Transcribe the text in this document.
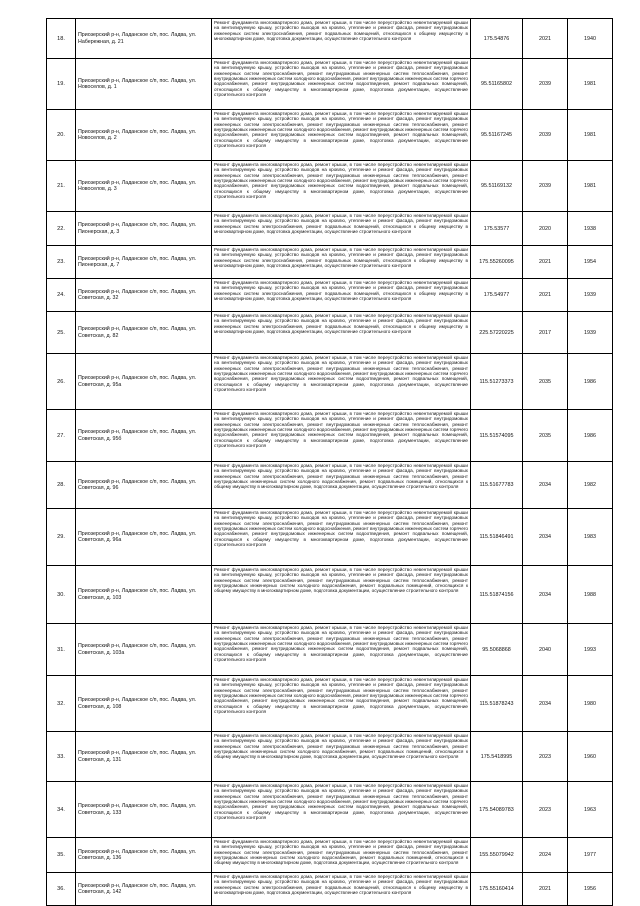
18.	Приозерский р-н, Ладанское с/п, пос. Ладва, ул. Набережная, д. 21	Ремонт фундамента многоквартирного дома, ремонт крыши, в том числе переустройство невентилируемой крыши на вентилируемую крышу, устройство выходов на кровлю, утепление и ремонт фасада, ремонт внутридомовых инженерных систем электроснабжения, ремонт подвальных помещений, относящихся к общему имуществу в многоквартирном доме, подготовка документации, осуществление строительного контроля	175.54876	2021	1940
19.	Приозерский р-н, Ладанское с/п, пос. Ладва, ул. Новоселов, д. 1	Ремонт фундамента многоквартирного дома, ремонт крыши, в том числе переустройство невентилируемой крыши на вентилируемую крышу, устройство выходов на кровлю, утепление и ремонт фасада, ремонт внутридомовых инженерных систем электроснабжения, ремонт внутридомовых инженерных систем теплоснабжения, ремонт внутридомовых инженерных систем холодного водоснабжения, ремонт внутридомовых инженерных систем горячего водоснабжения, ремонт внутридомовых инженерных систем водоотведения, ремонт подвальных помещений, относящихся к общему имуществу в многоквартирном доме, подготовка документации, осуществление строительного контроля	95.51165802	2039	1981
20.	Приозерский р-н, Ладанское с/п, пос. Ладва, ул. Новоселов, д. 2	Ремонт фундамента многоквартирного дома, ремонт крыши, в том числе переустройство невентилируемой крыши на вентилируемую крышу, устройство выходов на кровлю, утепление и ремонт фасада, ремонт внутридомовых инженерных систем электроснабжения, ремонт внутридомовых инженерных систем теплоснабжения, ремонт внутридомовых инженерных систем холодного водоснабжения, ремонт внутридомовых инженерных систем горячего водоснабжения, ремонт внутридомовых инженерных систем водоотведения, ремонт подвальных помещений, относящихся к общему имуществу в многоквартирном доме, подготовка документации, осуществление строительного контроля	95.51167245	2039	1981
21.	Приозерский р-н, Ладанское с/п, пос. Ладва, ул. Новоселов, д. 3	Ремонт фундамента многоквартирного дома, ремонт крыши, в том числе переустройство невентилируемой крыши на вентилируемую крышу, устройство выходов на кровлю, утепление и ремонт фасада, ремонт внутридомовых инженерных систем электроснабжения, ремонт внутридомовых инженерных систем теплоснабжения, ремонт внутридомовых инженерных систем холодного водоснабжения, ремонт внутридомовых инженерных систем горячего водоснабжения, ремонт внутридомовых инженерных систем водоотведения, ремонт подвальных помещений, относящихся к общему имуществу в многоквартирном доме, подготовка документации, осуществление строительного контроля	95.51169132	2039	1981
22.	Приозерский р-н, Ладанское с/п, пос. Ладва, ул. Пионерская, д. 3	Ремонт фундамента многоквартирного дома, ремонт крыши, в том числе переустройство невентилируемой крыши на вентилируемую крышу, устройство выходов на кровлю, утепление и ремонт фасада, ремонт внутридомовых инженерных систем электроснабжения, ремонт подвальных помещений, относящихся к общему имуществу в многоквартирном доме, подготовка документации, осуществление строительного контроля	175.53577	2020	1938
23.	Приозерский р-н, Ладанское с/п, пос. Ладва, ул. Пионерская, д. 7	Ремонт фундамента многоквартирного дома, ремонт крыши, в том числе переустройство невентилируемой крыши на вентилируемую крышу, устройство выходов на кровлю, утепление и ремонт фасада, ремонт внутридомовых инженерных систем электроснабжения, ремонт подвальных помещений, относящихся к общему имуществу в многоквартирном доме, подготовка документации, осуществление строительного контроля	175.55260095	2021	1954
24.	Приозерский р-н, Ладанское с/п, пос. Ладва, ул. Советская, д. 32	Ремонт фундамента многоквартирного дома, ремонт крыши, в том числе переустройство невентилируемой крыши на вентилируемую крышу, устройство выходов на кровлю, утепление и ремонт фасада, ремонт внутридомовых инженерных систем электроснабжения, ремонт подвальных помещений, относящихся к общему имуществу в многоквартирном доме, подготовка документации, осуществление строительного контроля	175.54977	2021	1939
25.	Приозерский р-н, Ладанское с/п, пос. Ладва, ул. Советская, д. 82	Ремонт фундамента многоквартирного дома, ремонт крыши, в том числе переустройство невентилируемой крыши на вентилируемую крышу, устройство выходов на кровлю, утепление и ремонт фасада, ремонт внутридомовых инженерных систем электроснабжения, ремонт подвальных помещений, относящихся к общему имуществу в многоквартирном доме, подготовка документации, осуществление строительного контроля	225.57220225	2017	1939
26.	Приозерский р-н, Ладанское с/п, пос. Ладва, ул. Советская, д. 95а	Ремонт фундамента многоквартирного дома, ремонт крыши, в том числе переустройство невентилируемой крыши на вентилируемую крышу, устройство выходов на кровлю, утепление и ремонт фасада, ремонт внутридомовых инженерных систем электроснабжения, ремонт внутридомовых инженерных систем теплоснабжения, ремонт внутридомовых инженерных систем холодного водоснабжения, ремонт внутридомовых инженерных систем горячего водоснабжения, ремонт внутридомовых инженерных систем водоотведения, ремонт подвальных помещений, относящихся к общему имуществу в многоквартирном доме, подготовка документации, осуществление строительного контроля	115.51273373	2035	1986
27.	Приозерский р-н, Ладанское с/п, пос. Ладва, ул. Советская, д. 95б	Ремонт фундамента многоквартирного дома, ремонт крыши, в том числе переустройство невентилируемой крыши на вентилируемую крышу, устройство выходов на кровлю, утепление и ремонт фасада, ремонт внутридомовых инженерных систем электроснабжения, ремонт внутридомовых инженерных систем теплоснабжения, ремонт внутридомовых инженерных систем холодного водоснабжения, ремонт внутридомовых инженерных систем горячего водоснабжения, ремонт внутридомовых инженерных систем водоотведения, ремонт подвальных помещений, относящихся к общему имуществу в многоквартирном доме, подготовка документации, осуществление строительного контроля	115.51574095	2035	1986
28.	Приозерский р-н, Ладанское с/п, пос. Ладва, ул. Советская, д. 96	Ремонт фундамента многоквартирного дома, ремонт крыши, в том числе переустройство невентилируемой крыши на вентилируемую крышу, устройство выходов на кровлю, утепление и ремонт фасада, ремонт внутридомовых инженерных систем электроснабжения, ремонт внутридомовых инженерных систем теплоснабжения, ремонт внутридомовых инженерных систем холодного водоснабжения, ремонт подвальных помещений, относящихся к общему имуществу в многоквартирном доме, подготовка документации, осуществление строительного контроля	115.51677783	2034	1982
29.	Приозерский р-н, Ладанское с/п, пос. Ладва, ул. Советская, д. 96а	Ремонт фундамента многоквартирного дома, ремонт крыши, в том числе переустройство невентилируемой крыши на вентилируемую крышу, устройство выходов на кровлю, утепление и ремонт фасада, ремонт внутридомовых инженерных систем электроснабжения, ремонт внутридомовых инженерных систем теплоснабжения, ремонт внутридомовых инженерных систем холодного водоснабжения, ремонт внутридомовых инженерных систем горячего водоснабжения, ремонт внутридомовых инженерных систем водоотведения, ремонт подвальных помещений, относящихся к общему имуществу в многоквартирном доме, подготовка документации, осуществление строительного контроля	115.51846491	2034	1983
30.	Приозерский р-н, Ладанское с/п, пос. Ладва, ул. Советская, д. 103	Ремонт фундамента многоквартирного дома, ремонт крыши, в том числе переустройство невентилируемой крыши на вентилируемую крышу, устройство выходов на кровлю, утепление и ремонт фасада, ремонт внутридомовых инженерных систем электроснабжения, ремонт внутридомовых инженерных систем теплоснабжения, ремонт внутридомовых инженерных систем холодного водоснабжения, ремонт подвальных помещений, относящихся к общему имуществу в многоквартирном доме, подготовка документации, осуществление строительного контроля	115.51874156	2034	1988
31.	Приозерский р-н, Ладанское с/п, пос. Ладва, ул. Советская, д. 103а	Ремонт фундамента многоквартирного дома, ремонт крыши, в том числе переустройство невентилируемой крыши на вентилируемую крышу, устройство выходов на кровлю, утепление и ремонт фасада, ремонт внутридомовых инженерных систем электроснабжения, ремонт внутридомовых инженерных систем теплоснабжения, ремонт внутридомовых инженерных систем холодного водоснабжения, ремонт внутридомовых инженерных систем горячего водоснабжения, ремонт внутридомовых инженерных систем водоотведения, ремонт подвальных помещений, относящихся к общему имуществу в многоквартирном доме, подготовка документации, осуществление строительного контроля	95.5068868	2040	1993
32.	Приозерский р-н, Ладанское с/п, пос. Ладва, ул. Советская, д. 108	Ремонт фундамента многоквартирного дома, ремонт крыши, в том числе переустройство невентилируемой крыши на вентилируемую крышу, устройство выходов на кровлю, утепление и ремонт фасада, ремонт внутридомовых инженерных систем электроснабжения, ремонт внутридомовых инженерных систем теплоснабжения, ремонт внутридомовых инженерных систем холодного водоснабжения, ремонт внутридомовых инженерных систем горячего водоснабжения, ремонт внутридомовых инженерных систем водоотведения, ремонт подвальных помещений, относящихся к общему имуществу в многоквартирном доме, подготовка документации, осуществление строительного контроля	115.51878243	2034	1980
33.	Приозерский р-н, Ладанское с/п, пос. Ладва, ул. Советская, д. 131	Ремонт фундамента многоквартирного дома, ремонт крыши, в том числе переустройство невентилируемой крыши на вентилируемую крышу, устройство выходов на кровлю, утепление и ремонт фасада, ремонт внутридомовых инженерных систем электроснабжения, ремонт внутридомовых инженерных систем теплоснабжения, ремонт внутридомовых инженерных систем холодного водоснабжения, ремонт подвальных помещений, относящихся к общему имуществу в многоквартирном доме, подготовка документации, осуществление строительного контроля	175.5418995	2023	1960
34.	Приозерский р-н, Ладанское с/п, пос. Ладва, ул. Советская, д. 133	Ремонт фундамента многоквартирного дома, ремонт крыши, в том числе переустройство невентилируемой крыши на вентилируемую крышу, устройство выходов на кровлю, утепление и ремонт фасада, ремонт внутридомовых инженерных систем электроснабжения, ремонт внутридомовых инженерных систем теплоснабжения, ремонт внутридомовых инженерных систем холодного водоснабжения, ремонт внутридомовых инженерных систем горячего водоснабжения, ремонт внутридомовых инженерных систем водоотведения, ремонт подвальных помещений, относящихся к общему имуществу в многоквартирном доме, подготовка документации, осуществление строительного контроля	175.54089783	2023	1963
35.	Приозерский р-н, Ладанское с/п, пос. Ладва, ул. Советская, д. 136	Ремонт фундамента многоквартирного дома, ремонт крыши, в том числе переустройство невентилируемой крыши на вентилируемую крышу, устройство выходов на кровлю, утепление и ремонт фасада, ремонт внутридомовых инженерных систем электроснабжения, ремонт внутридомовых инженерных систем теплоснабжения, ремонт внутридомовых инженерных систем холодного водоснабжения, ремонт подвальных помещений, относящихся к общему имуществу в многоквартирном доме, подготовка документации, осуществление строительного контроля	155.55079942	2024	1977
36.	Приозерский р-н, Ладанское с/п, пос. Ладва, ул. Советская, д. 142	Ремонт фундамента многоквартирного дома, ремонт крыши, в том числе переустройство невентилируемой крыши на вентилируемую крышу, устройство выходов на кровлю, утепление и ремонт фасада, ремонт внутридомовых инженерных систем электроснабжения, ремонт подвальных помещений, относящихся к общему имуществу в многоквартирном доме, подготовка документации, осуществление строительного контроля	175.55160414	2021	1956
